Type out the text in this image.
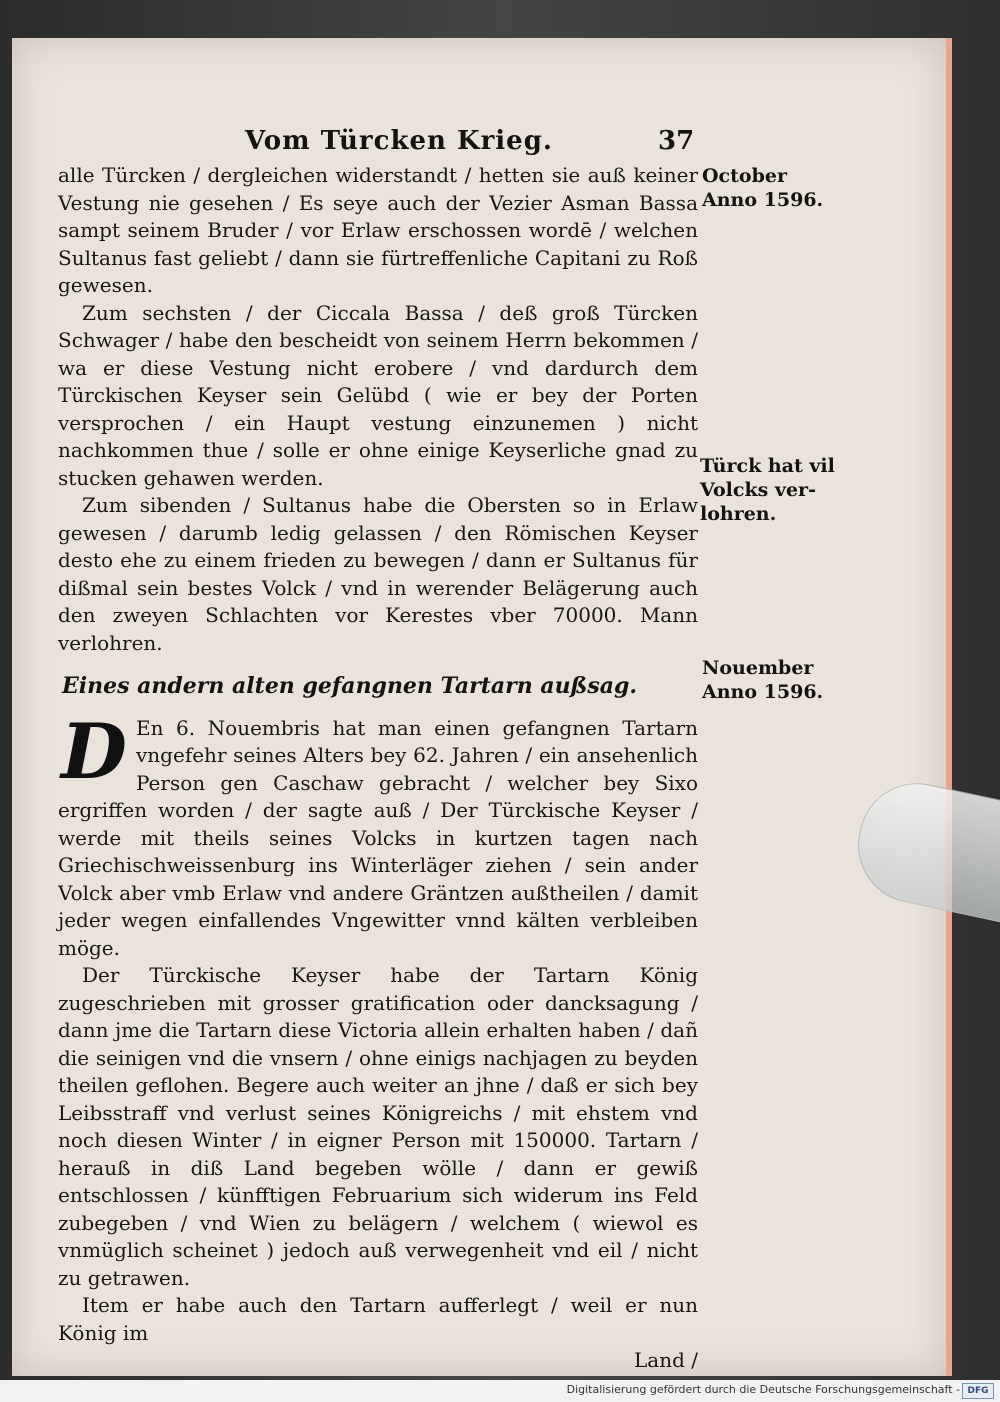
Vom Türcken Krieg.	37

alle Türcken / dergleichen widerstandt / hetten sie auß keiner Vestung nie gesehen / Es seye auch der Vezier Asman Bassa sampt seinem Bruder / vor Erlaw erschossen wordē / welchen Sultanus fast geliebt / dann sie fürtreffenliche Capitani zu Roß gewesen.

Zum sechsten / der Ciccala Bassa / deß groß Türcken Schwager / habe den bescheidt von seinem Herrn bekommen / wa er diese Vestung nicht erobere / vnd dardurch dem Türckischen Keyser sein Gelübd ( wie er bey der Porten versprochen / ein Haupt vestung einzunemen ) nicht nachkommen thue / solle er ohne einige Keyserliche gnad zu stucken gehawen werden.

Zum sibenden / Sultanus habe die Obersten so in Erlaw gewesen / darumb ledig gelassen / den Römischen Keyser desto ehe zu einem frieden zu bewegen / dann er Sultanus für dißmal sein bestes Volck / vnd in werender Belägerung auch den zweyen Schlachten vor Kerestes vber 70000. Mann verlohren.

Eines andern alten gefangnen Tartarn außsag.
D En 6. Nouembris hat man einen gefangnen Tartarn vngefehr seines Alters bey 62. Jahren / ein ansehenlich Person gen Caschaw gebracht / welcher bey Sixo ergriffen worden / der sagte auß / Der Türckische Keyser / werde mit theils seines Volcks in kurtzen tagen nach Griechischweissenburg ins Winterläger ziehen / sein ander Volck aber vmb Erlaw vnd andere Gräntzen außtheilen / damit jeder wegen einfallendes Vngewitter vnnd kälten verbleiben möge.

Der Türckische Keyser habe der Tartarn König zugeschrieben mit grosser gratification oder dancksagung / dann jme die Tartarn diese Victoria allein erhalten haben / dañ die seinigen vnd die vnsern / ohne einigs nachjagen zu beyden theilen geflohen. Begere auch weiter an jhne / daß er sich bey Leibsstraff vnd verlust seines Königreichs / mit ehstem vnd noch diesen Winter / in eigner Person mit 150000. Tartarn / herauß in diß Land begeben wölle / dann er gewiß entschlossen / künfftigen Februarium sich widerum ins Feld zubegeben / vnd Wien zu belägern / welchem ( wiewol es vnmüglich scheinet ) jedoch auß verwegenheit vnd eil / nicht zu getrawen.

Item er habe auch den Tartarn aufferlegt / weil er nun König im

Land /

October
Anno 1596.
Türck hat vil
Volcks ver-
lohren.
Nouember
Anno 1596.
Digitalisierung gefördert durch die Deutsche Forschungsgemeinschaft - DFG
